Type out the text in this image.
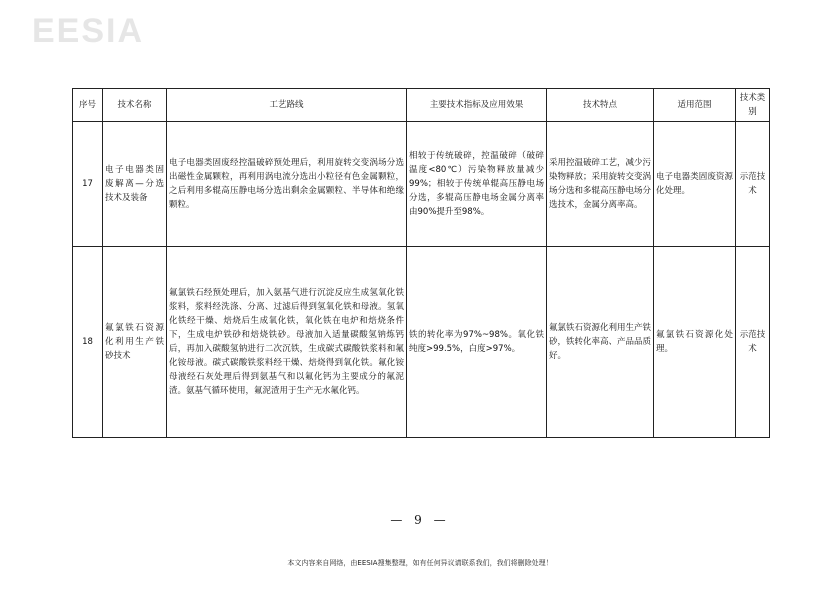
EESIA
序号	技术名称	工艺路线	主要技术指标及应用效果	技术特点	适用范围	技术类别
17	电子电器类固废解离—分选技术及装备	电子电器类固废经控温破碎预处理后，利用旋转交变涡场分选出磁性金属颗粒，再利用涡电流分选出小粒径有色金属颗粒，之后利用多辊高压静电场分选出剩余金属颗粒、半导体和绝缘颗粒。	相较于传统破碎，控温破碎（破碎温度<80℃）污染物释放量减少99%；相较于传统单辊高压静电场分选，多辊高压静电场金属分离率由90%提升至98%。	采用控温破碎工艺，减少污染物释放；采用旋转交变涡场分选和多辊高压静电场分选技术，金属分离率高。	电子电器类固废资源化处理。	示范技术
18	氟氯铁石资源化利用生产铁砂技术	氟氯铁石经预处理后，加入氨基气进行沉淀反应生成氢氧化铁浆料，浆料经洗涤、分离、过滤后得到氢氧化铁和母液。氢氧化铁经干燥、焙烧后生成氧化铁，氧化铁在电炉和焙烧条件下，生成电炉铁砂和焙烧铁砂。母液加入适量碳酸氢钠炼钙后，再加入碳酸氢钠进行二次沉铁，生成碳式碳酸铁浆料和氟化铵母液。碳式碳酸铁浆料经干燥、焙烧得到氧化铁。氟化铵母液经石灰处理后得到氨基气和以氟化钙为主要成分的氟泥渣。氨基气循环使用，氟泥渣用于生产无水氟化钙。	铁的转化率为97%~98%。氧化铁纯度>99.5%，白度>97%。	氟氯铁石资源化利用生产铁砂，铁转化率高、产品品质好。	氟氯铁石资源化处理。	示范技术
— 9 —
本文内容来自网络，由EESIA搜集整理，如有任何异议请联系我们，我们将删除处理！
